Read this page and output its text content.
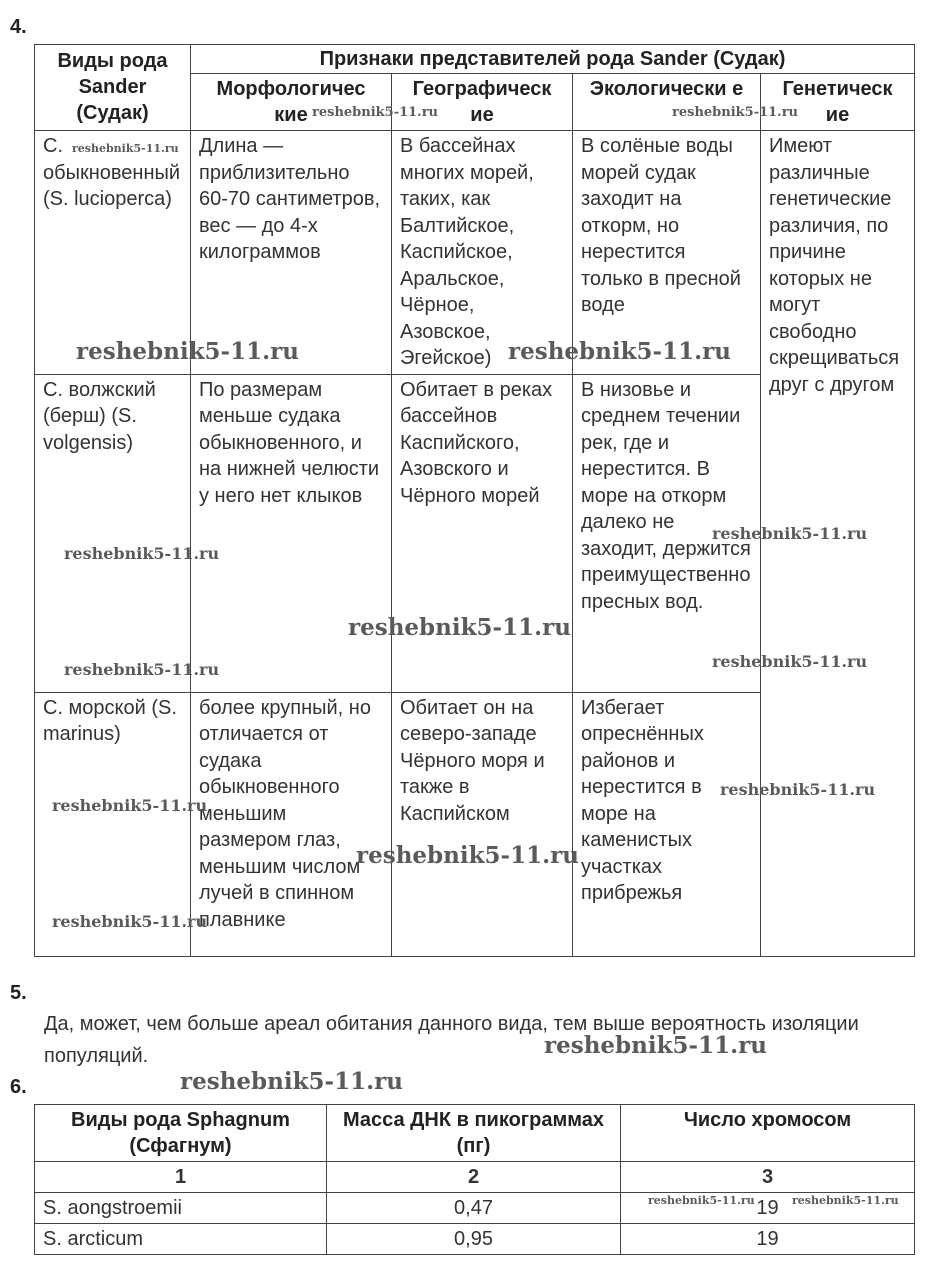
4.
Виды рода Sander (Судак)	Признаки представителей рода Sander (Судак)			
	Морфологичес кие	Географическ ие	Экологически е	Генетическ ие
С. обыкновенный (S. lucioperca)	Длина — приблизительно 60-70 сантиметров, вес — до 4-х килограммов	В бассейнах многих морей, таких, как Балтийское, Каспийское, Аральское, Чёрное, Азовское, Эгейское)	В солёные воды морей судак заходит на откорм, но нерестится только в пресной воде	Имеют различные генетические различия, по причине которых не могут свободно скрещиваться друг с другом
С. волжский (берш) (S. volgensis)	По размерам меньше судака обыкновенного, и на нижней челюсти у него нет клыков	Обитает в реках бассейнов Каспийского, Азовского и Чёрного морей	В низовье и среднем течении рек, где и нерестится. В море на откорм далеко не заходит, держится преимущественно пресных вод.	
С. морской (S. marinus)	более крупный, но отличается от судака обыкновенного меньшим размером глаз, меньшим числом лучей в спинном плавнике	Обитает он на северо-западе Чёрного моря и также в Каспийском	Избегает опреснённых районов и нерестится в море на каменистых участках прибрежья	
5.
Да, может, чем больше ареал обитания данного вида, тем выше вероятность изоляции популяций.
6.
Виды рода Sphagnum (Сфагнум)	Масса ДНК в пикограммах (пг)	Число хромосом
1	2	3
S. aongstroemii	0,47	19
S. arcticum	0,95	19
reshebnik5-11.ru	reshebnik5-11.ru
reshebnik5-11.ru
reshebnik5-11.ru	reshebnik5-11.ru
reshebnik5-11.ru
reshebnik5-11.ru
reshebnik5-11.ru
reshebnik5-11.ru	reshebnik5-11.ru
reshebnik5-11.ru
reshebnik5-11.ru
reshebnik5-11.ru
reshebnik5-11.ru
reshebnik5-11.ru
reshebnik5-11.ru
reshebnik5-11.ru	reshebnik5-11.ru
